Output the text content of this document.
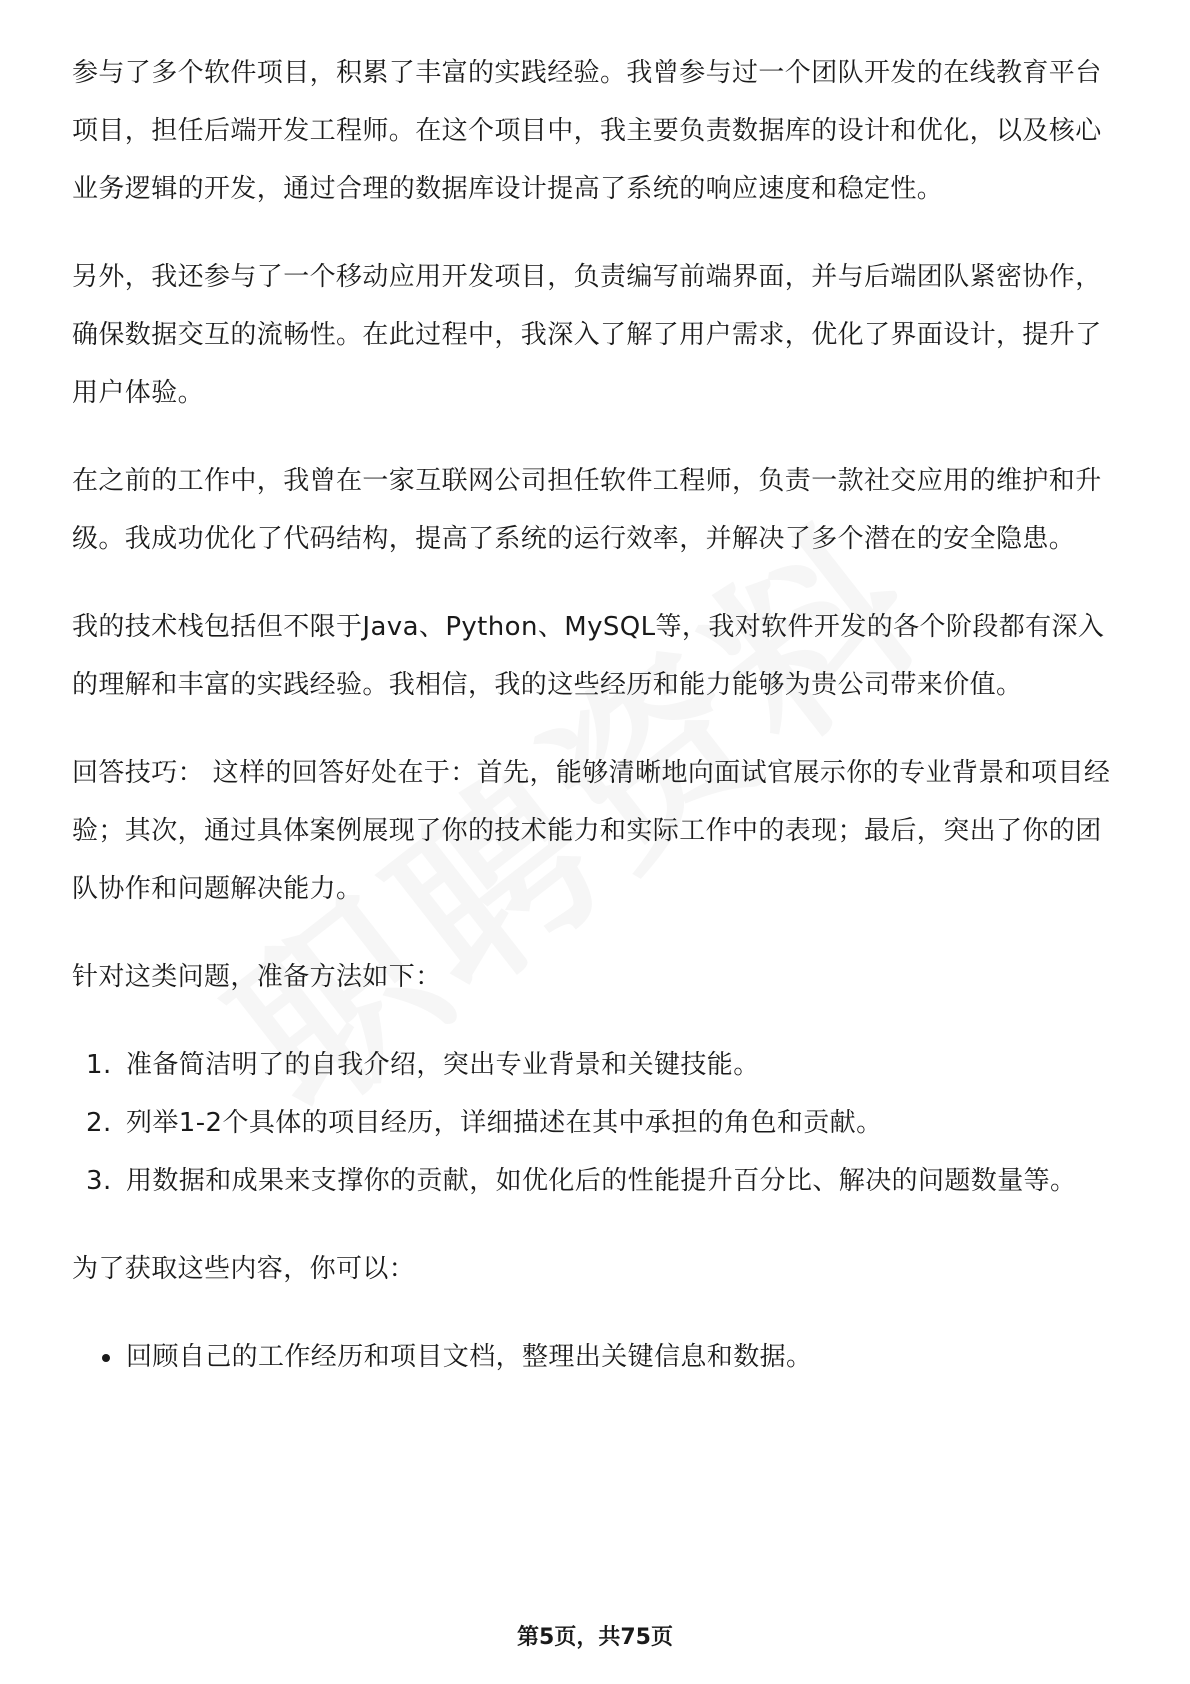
参与了多个软件项目，积累了丰富的实践经验。我曾参与过一个团队开发的在线教育平台项目，担任后端开发工程师。在这个项目中，我主要负责数据库的设计和优化，以及核心业务逻辑的开发，通过合理的数据库设计提高了系统的响应速度和稳定性。

另外，我还参与了一个移动应用开发项目，负责编写前端界面，并与后端团队紧密协作，确保数据交互的流畅性。在此过程中，我深入了解了用户需求，优化了界面设计，提升了用户体验。

在之前的工作中，我曾在一家互联网公司担任软件工程师，负责一款社交应用的维护和升级。我成功优化了代码结构，提高了系统的运行效率，并解决了多个潜在的安全隐患。

我的技术栈包括但不限于Java、Python、MySQL等，我对软件开发的各个阶段都有深入的理解和丰富的实践经验。我相信，我的这些经历和能力能够为贵公司带来价值。

回答技巧： 这样的回答好处在于：首先，能够清晰地向面试官展示你的专业背景和项目经验；其次，通过具体案例展现了你的技术能力和实际工作中的表现；最后，突出了你的团队协作和问题解决能力。

针对这类问题，准备方法如下：

1. 准备简洁明了的自我介绍，突出专业背景和关键技能。
2. 列举1-2个具体的项目经历，详细描述在其中承担的角色和贡献。
3. 用数据和成果来支撑你的贡献，如优化后的性能提升百分比、解决的问题数量等。

为了获取这些内容，你可以：

回顾自己的工作经历和项目文档，整理出关键信息和数据。
第5页，共75页
